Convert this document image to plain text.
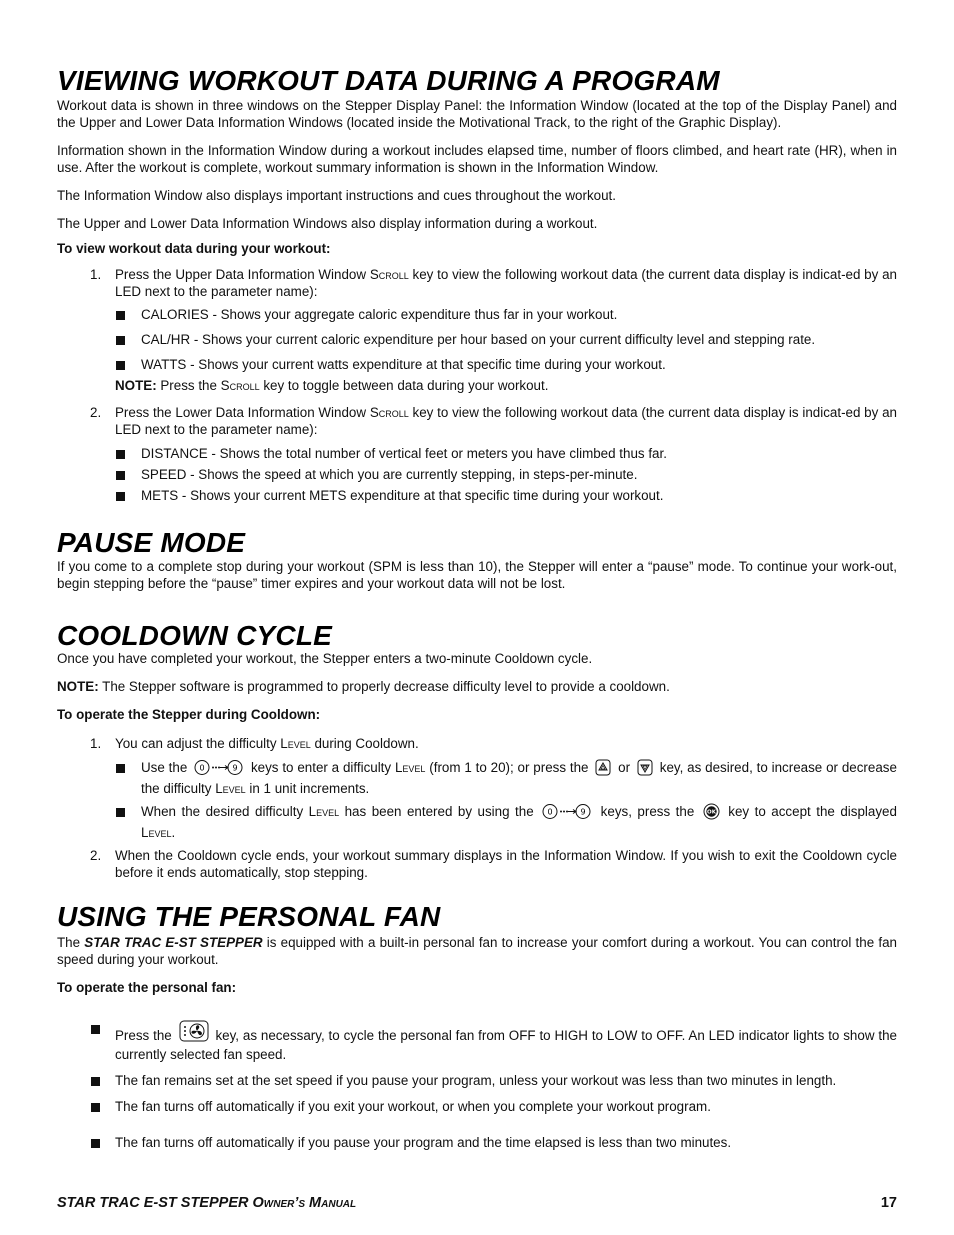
VIEWING WORKOUT DATA DURING A PROGRAM

Workout data is shown in three windows on the Stepper Display Panel: the Information Window (located at the top of the Display Panel) and the Upper and Lower Data Information Windows (located inside the Motivational Track, to the right of the Graphic Display).

Information shown in the Information Window during a workout includes elapsed time, number of floors climbed, and heart rate (HR), when in use. After the workout is complete, workout summary information is shown in the Information Window.

The Information Window also displays important instructions and cues throughout the workout.

The Upper and Lower Data Information Windows also display information during a workout.

To view workout data during your workout:

1. Press the Upper Data Information Window Scroll key to view the following workout data (the current data display is indicat-ed by an LED next to the parameter name):
CALORIES - Shows your aggregate caloric expenditure thus far in your workout.
CAL/HR - Shows your current caloric expenditure per hour based on your current difficulty level and stepping rate.
WATTS - Shows your current watts expenditure at that specific time during your workout.

NOTE: Press the Scroll key to toggle between data during your workout.

2. Press the Lower Data Information Window Scroll key to view the following workout data (the current data display is indicat-ed by an LED next to the parameter name):
DISTANCE - Shows the total number of vertical feet or meters you have climbed thus far.
SPEED - Shows the speed at which you are currently stepping, in steps-per-minute.
METS - Shows your current METS expenditure at that specific time during your workout.
PAUSE MODE

If you come to a complete stop during your workout (SPM is less than 10), the Stepper will enter a “pause” mode. To continue your work-out, begin stepping before the “pause” timer expires and your workout data will not be lost.

COOLDOWN CYCLE

Once you have completed your workout, the Stepper enters a two-minute Cooldown cycle.

NOTE: The Stepper software is programmed to properly decrease difficulty level to provide a cooldown.

To operate the Stepper during Cooldown:

1. You can adjust the difficulty Level during Cooldown.
Use the 0	9 keys to enter a difficulty Level (from 1 to 20); or press the or key, as desired, to increase or decrease the difficulty Level in 1 unit increments.
When the desired difficulty Level has been entered by using the 0	9 keys, press the OK key to accept the displayed Level.
2. When the Cooldown cycle ends, your workout summary displays in the Information Window. If you wish to exit the Cooldown cycle before it ends automatically, stop stepping.
USING THE PERSONAL FAN

The STAR TRAC E-ST STEPPER is equipped with a built-in personal fan to increase your comfort during a workout. You can control the fan speed during your workout.

To operate the personal fan:

Press the	key, as necessary, to cycle the personal fan from OFF to HIGH to LOW to OFF. An LED indicator lights to show the currently selected fan speed.
The fan remains set at the set speed if you pause your program, unless your workout was less than two minutes in length.
The fan turns off automatically if you exit your workout, or when you complete your workout program.
The fan turns off automatically if you pause your program and the time elapsed is less than two minutes.
STAR TRAC E-ST STEPPER Owner’s Manual	17
